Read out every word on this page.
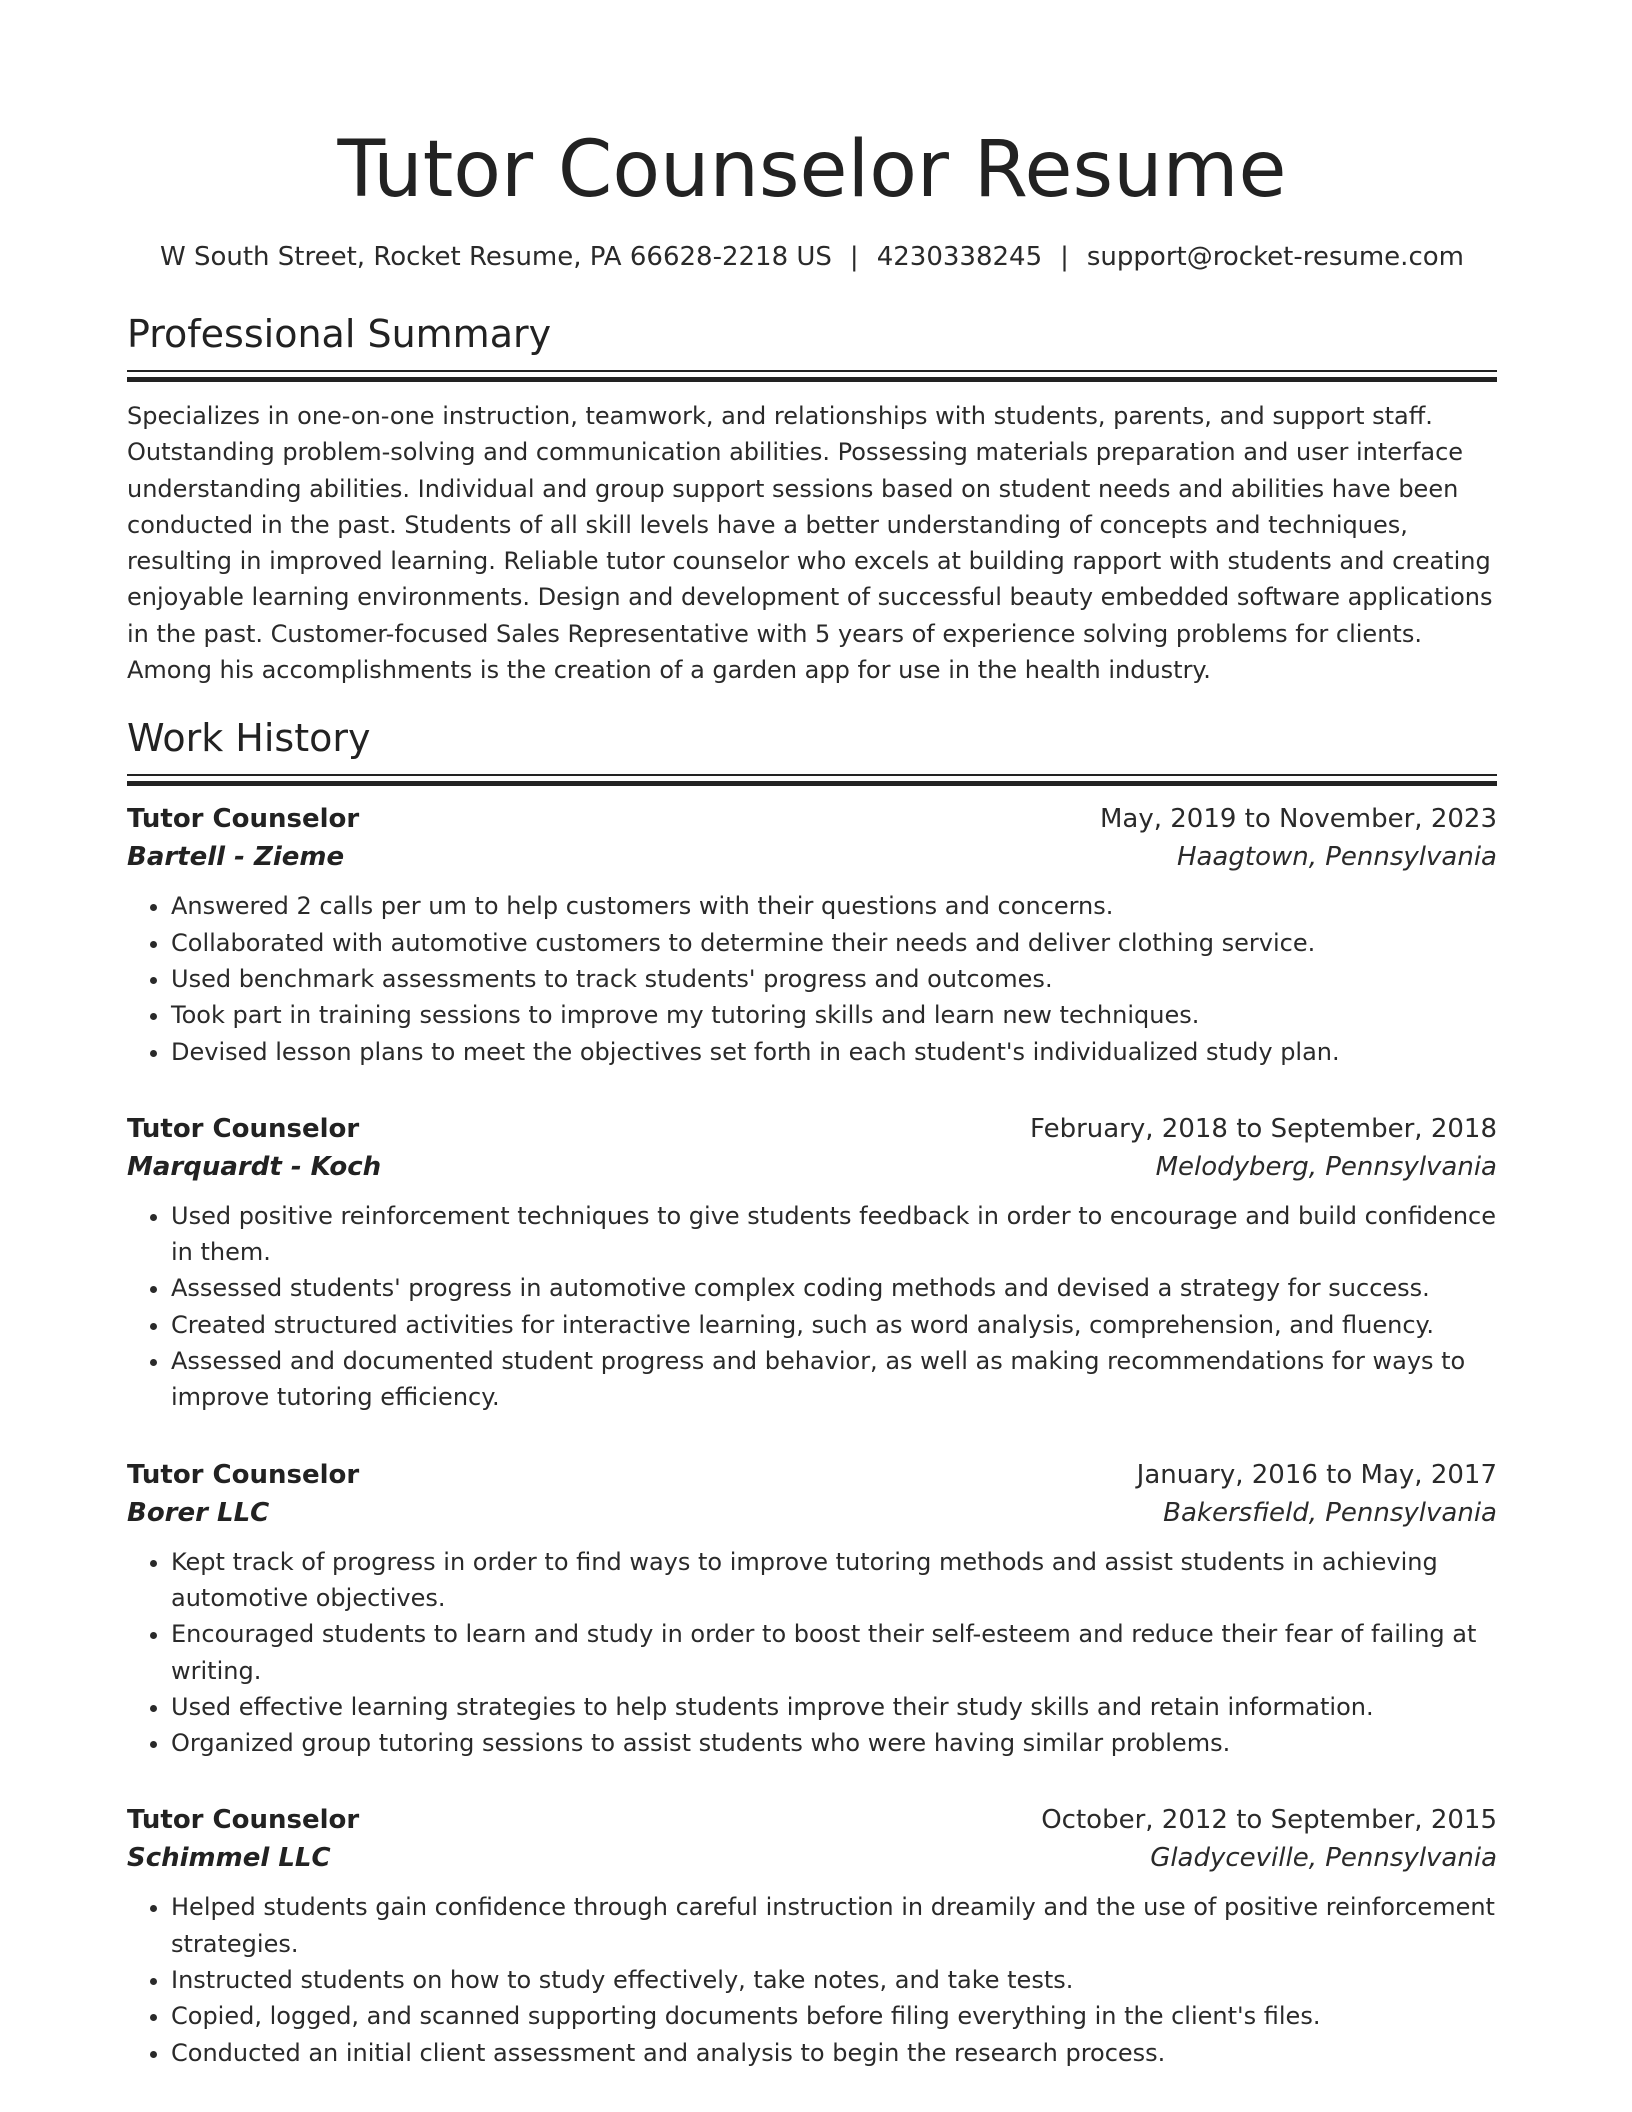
Tutor Counselor Resume
W South Street, Rocket Resume, PA 66628-2218 US | 4230338245 | support@rocket-resume.com
Professional Summary

Specializes in one-on-one instruction, teamwork, and relationships with students, parents, and support staff. Outstanding problem-solving and communication abilities. Possessing materials preparation and user interface understanding abilities. Individual and group support sessions based on student needs and abilities have been conducted in the past. Students of all skill levels have a better understanding of concepts and techniques, resulting in improved learning. Reliable tutor counselor who excels at building rapport with students and creating enjoyable learning environments. Design and development of successful beauty embedded software applications in the past. Customer-focused Sales Representative with 5 years of experience solving problems for clients. Among his accomplishments is the creation of a garden app for use in the health industry.

Work History
Tutor Counselor	May, 2019 to November, 2023
Bartell - Zieme	Haagtown, Pennsylvania
• Answered 2 calls per um to help customers with their questions and concerns.
• Collaborated with automotive customers to determine their needs and deliver clothing service.
• Used benchmark assessments to track students' progress and outcomes.
• Took part in training sessions to improve my tutoring skills and learn new techniques.
• Devised lesson plans to meet the objectives set forth in each student's individualized study plan.
Tutor Counselor	February, 2018 to September, 2018
Marquardt - Koch	Melodyberg, Pennsylvania
• Used positive reinforcement techniques to give students feedback in order to encourage and build confidence in them.
• Assessed students' progress in automotive complex coding methods and devised a strategy for success.
• Created structured activities for interactive learning, such as word analysis, comprehension, and fluency.
• Assessed and documented student progress and behavior, as well as making recommendations for ways to improve tutoring efficiency.
Tutor Counselor	January, 2016 to May, 2017
Borer LLC	Bakersfield, Pennsylvania
• Kept track of progress in order to find ways to improve tutoring methods and assist students in achieving automotive objectives.
• Encouraged students to learn and study in order to boost their self-esteem and reduce their fear of failing at writing.
• Used effective learning strategies to help students improve their study skills and retain information.
• Organized group tutoring sessions to assist students who were having similar problems.
Tutor Counselor	October, 2012 to September, 2015
Schimmel LLC	Gladyceville, Pennsylvania
• Helped students gain confidence through careful instruction in dreamily and the use of positive reinforcement strategies.
• Instructed students on how to study effectively, take notes, and take tests.
• Copied, logged, and scanned supporting documents before filing everything in the client's files.
• Conducted an initial client assessment and analysis to begin the research process.
